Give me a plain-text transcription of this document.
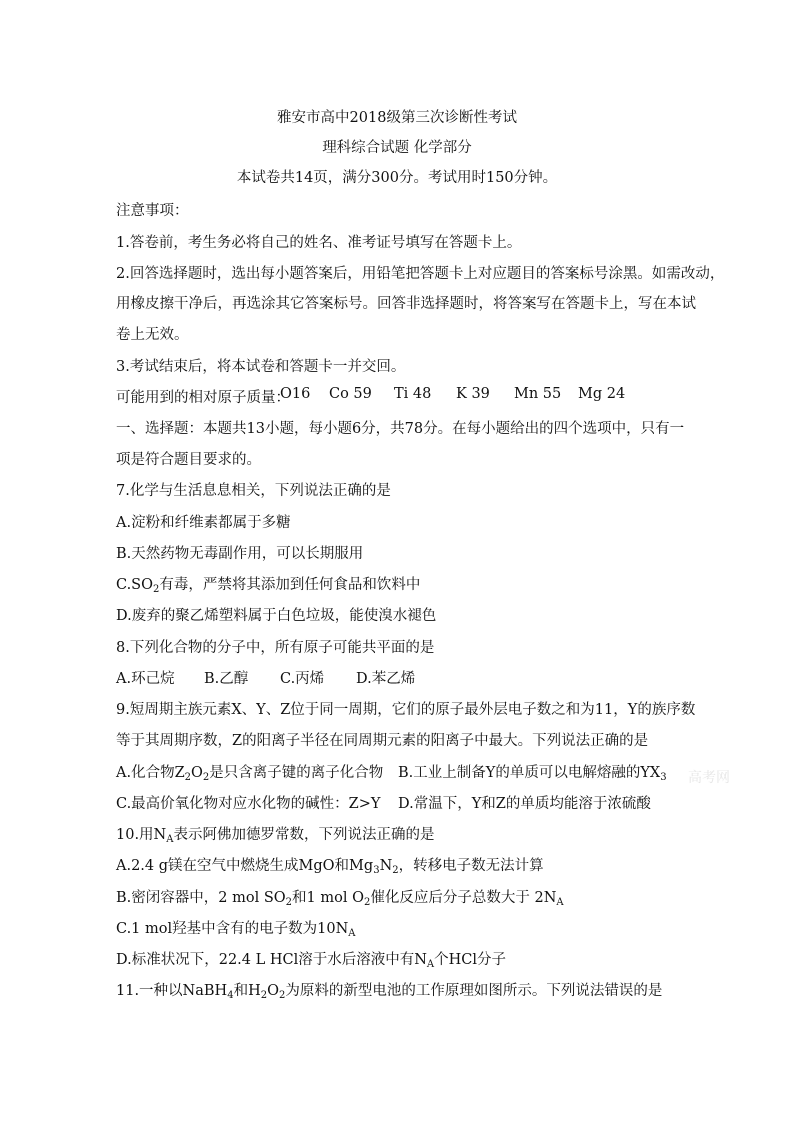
雅安市高中2018级第三次诊断性考试
理科综合试题 化学部分
本试卷共14页，满分300分。考试用时150分钟。
注意事项：
1.答卷前，考生务必将自己的姓名、准考证号填写在答题卡上。
2.回答选择题时，选出每小题答案后，用铅笔把答题卡上对应题目的答案标号涂黑。如需改动，
用橡皮擦干净后，再选涂其它答案标号。回答非选择题时，将答案写在答题卡上，写在本试
卷上无效。
3.考试结束后，将本试卷和答题卡一并交回。
可能用到的相对原子质量：
O16 Co 59 Ti 48 K 39 Mn 55 Mg 24
一、选择题：本题共13小题，每小题6分，共78分。在每小题给出的四个选项中，只有一
项是符合题目要求的。
7.化学与生活息息相关，下列说法正确的是
A.淀粉和纤维素都属于多糖
B.天然药物无毒副作用，可以长期服用
$C.SO_2$有毒，严禁将其添加到任何食品和饮料中
D.废弃的聚乙烯塑料属于白色垃圾，能使溴水褪色
8.下列化合物的分子中，所有原子可能共平面的是
A.环己烷 B.乙醇 C.丙烯 D.苯乙烯
9.短周期主族元素X、Y、Z位于同一周期，它们的原子最外层电子数之和为11，Y的族序数
等于其周期序数，Z的阳离子半径在同周期元素的阳离子中最大。下列说法正确的是
A.化合物$Z_2O_2$是只含离子键的离子化合物 B.工业上制备Y的单质可以电解熔融的$YX_3$
C.最高价氧化物对应水化物的碱性：Z>Y D.常温下，Y和Z的单质均能溶于浓硫酸
10.用$N_A$表示阿佛加德罗常数，下列说法正确的是
A.2.4 g镁在空气中燃烧生成MgO和$Mg_3N_2$，转移电子数无法计算
B.密闭容器中，2 mol $SO_2$和1 mol $O_2$催化反应后分子总数大于 $2N_A$
C.1 mol羟基中含有的电子数为$10N_A$
D.标准状况下，22.4 L HCl溶于水后溶液中有$N_A$个HCl分子
11.一种以NaBH$_4$和$H_2O_2$为原料的新型电池的工作原理如图所示。下列说法错误的是
高考网
